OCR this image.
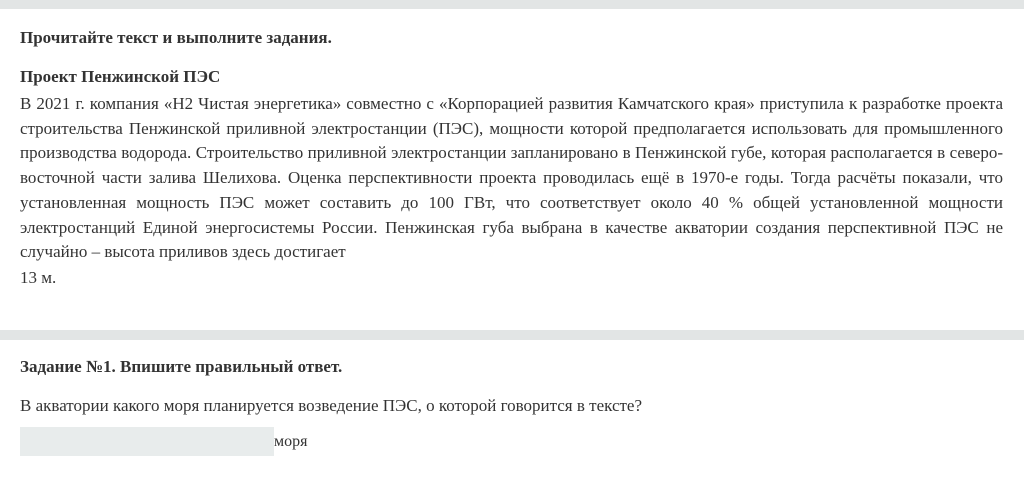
Прочитайте текст и выполните задания.
Проект Пенжинской ПЭС
В 2021 г. компания «Н2 Чистая энергетика» совместно с «Корпорацией развития Камчатского края» приступила к разработке проекта строительства Пенжинской приливной электростанции (ПЭС), мощности которой предполагается использовать для промышленного производства водорода. Строительство приливной электростанции запланировано в Пенжинской губе, которая располагается в северо-восточной части залива Шелихова. Оценка перспективности проекта проводилась ещё в 1970-е годы. Тогда расчёты показали, что установленная мощность ПЭС может составить до 100 ГВт, что соответствует около 40 % общей установленной мощности электростанций Единой энергосистемы России. Пенжинская губа выбрана в качестве акватории создания перспективной ПЭС не случайно – высота приливов здесь достигает
13 м.
Задание №1. Впишите правильный ответ.
В акватории какого моря планируется возведение ПЭС, о которой говорится в тексте?
моря
